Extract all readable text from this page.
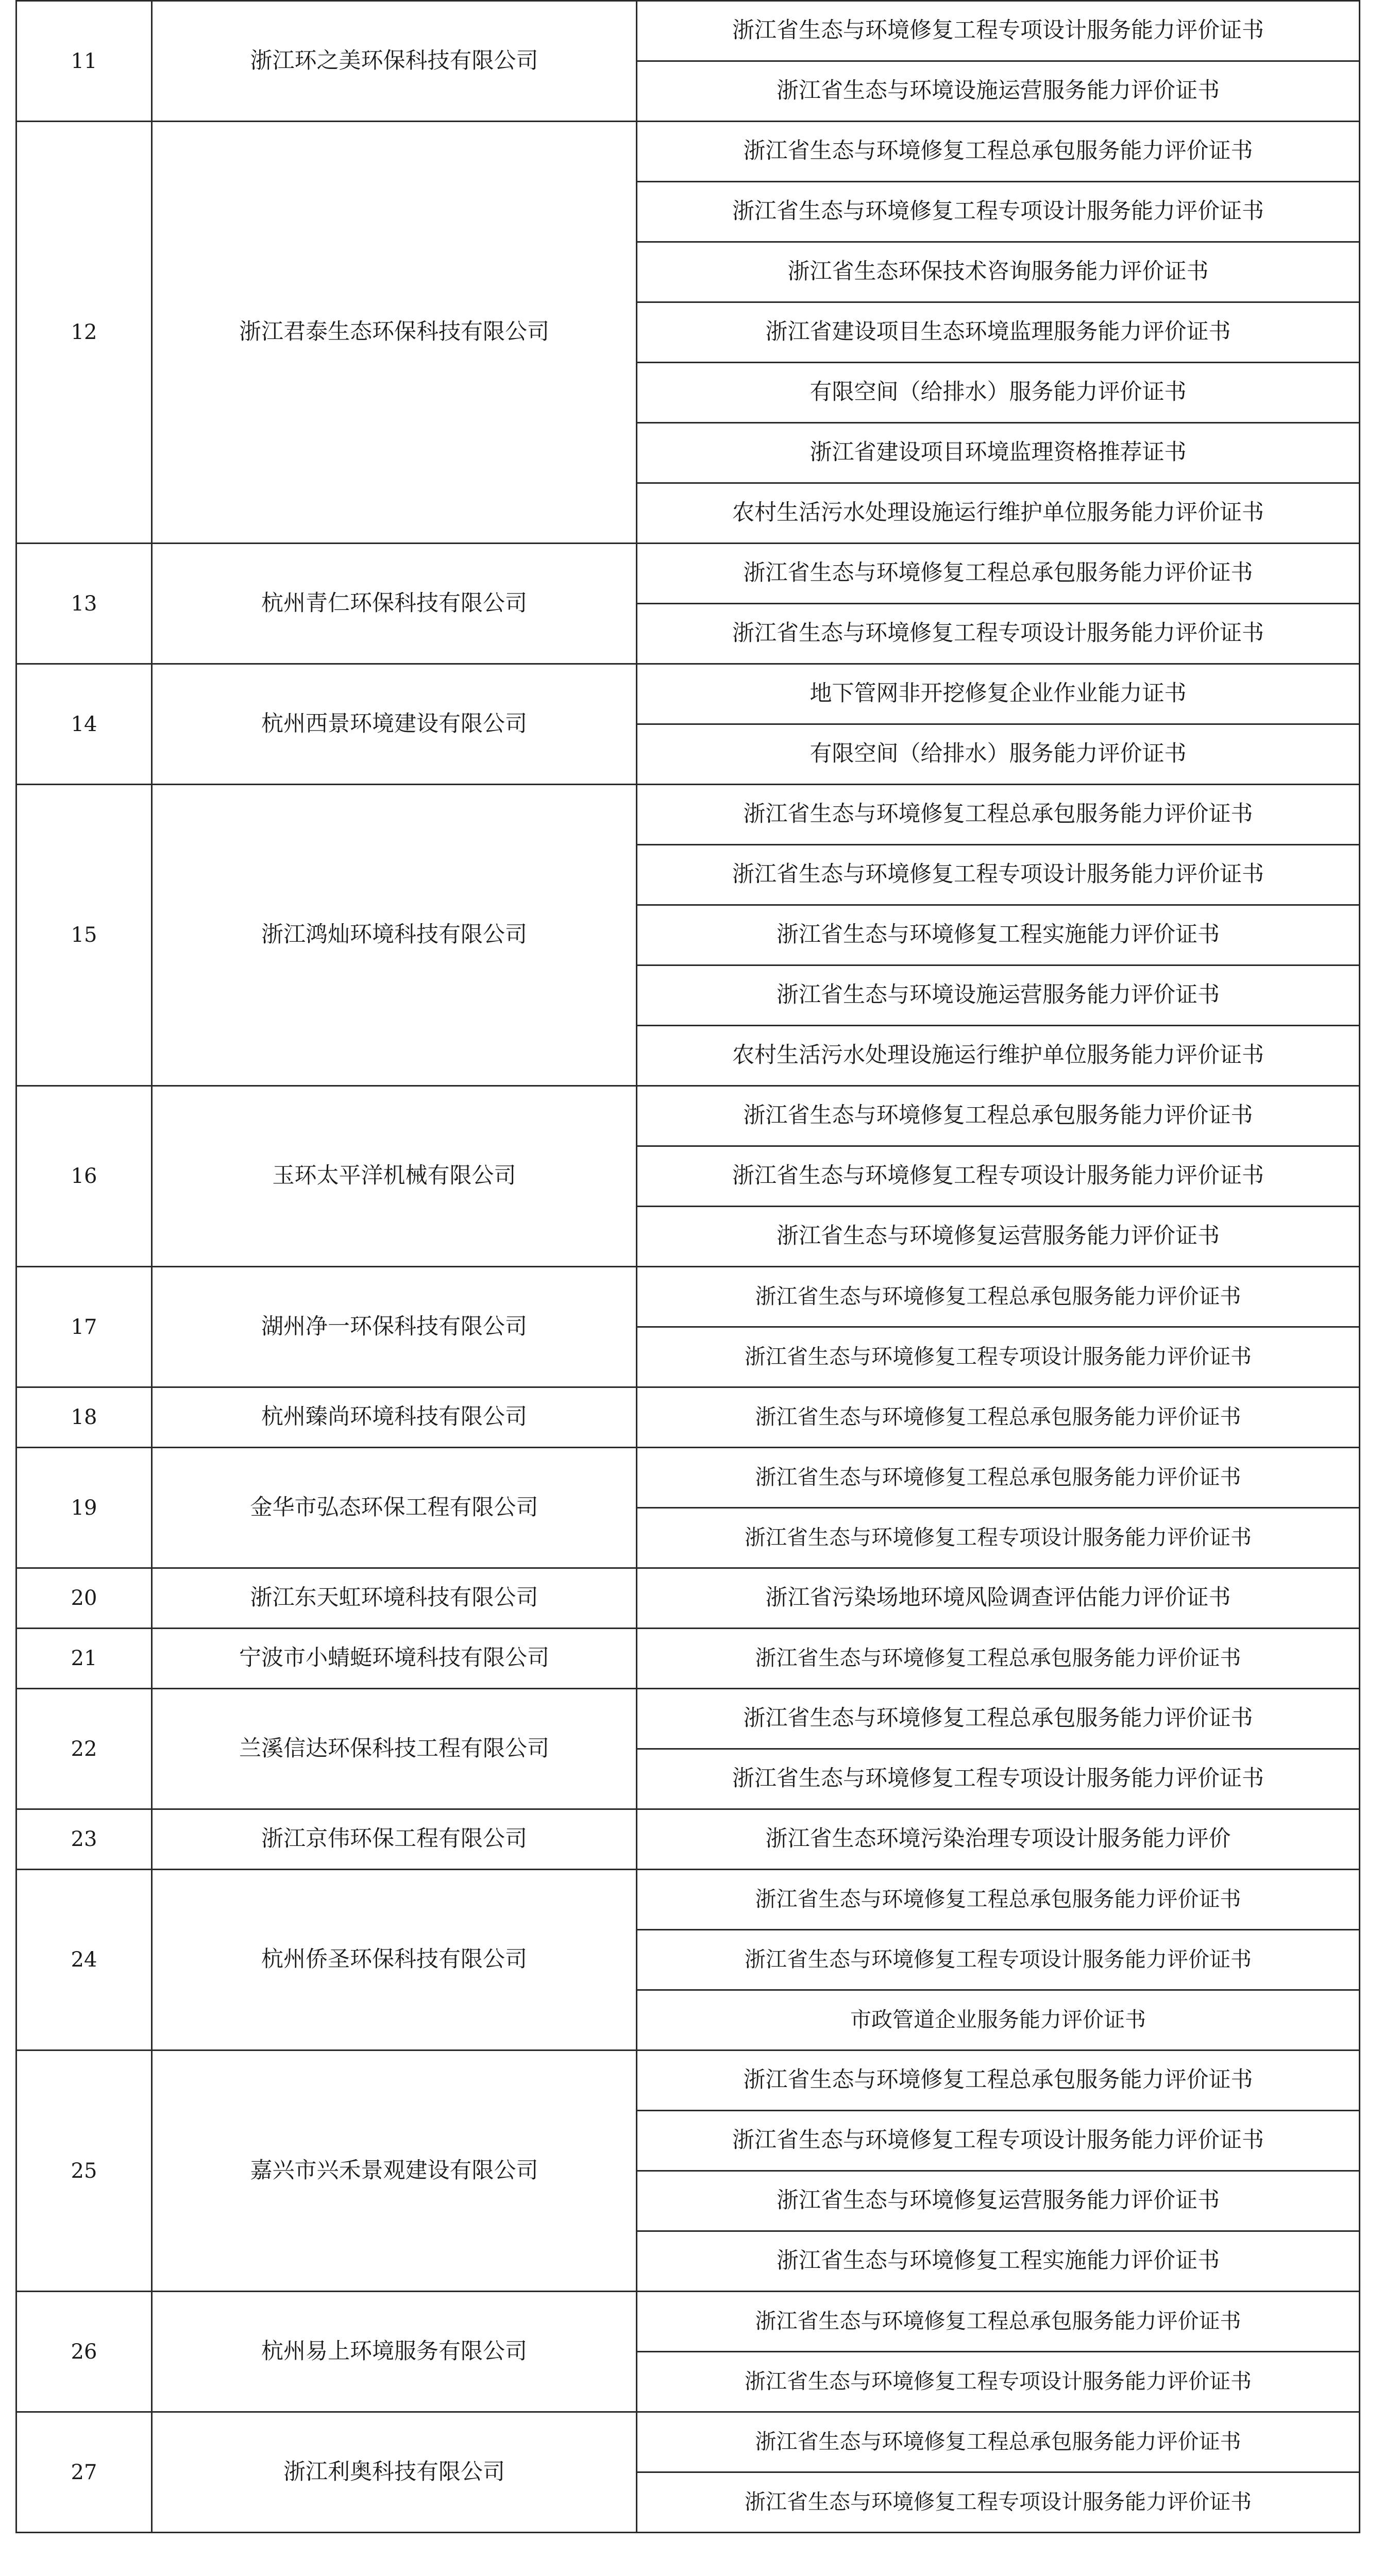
11	浙江环之美环保科技有限公司	浙江省生态与环境修复工程专项设计服务能力评价证书
		浙江省生态与环境设施运营服务能力评价证书
12	浙江君泰生态环保科技有限公司	浙江省生态与环境修复工程总承包服务能力评价证书
		浙江省生态与环境修复工程专项设计服务能力评价证书
		浙江省生态环保技术咨询服务能力评价证书
		浙江省建设项目生态环境监理服务能力评价证书
		有限空间（给排水）服务能力评价证书
		浙江省建设项目环境监理资格推荐证书
		农村生活污水处理设施运行维护单位服务能力评价证书
13	杭州青仁环保科技有限公司	浙江省生态与环境修复工程总承包服务能力评价证书
		浙江省生态与环境修复工程专项设计服务能力评价证书
14	杭州西景环境建设有限公司	地下管网非开挖修复企业作业能力证书
		有限空间（给排水）服务能力评价证书
15	浙江鸿灿环境科技有限公司	浙江省生态与环境修复工程总承包服务能力评价证书
		浙江省生态与环境修复工程专项设计服务能力评价证书
		浙江省生态与环境修复工程实施能力评价证书
		浙江省生态与环境设施运营服务能力评价证书
		农村生活污水处理设施运行维护单位服务能力评价证书
16	玉环太平洋机械有限公司	浙江省生态与环境修复工程总承包服务能力评价证书
		浙江省生态与环境修复工程专项设计服务能力评价证书
		浙江省生态与环境修复运营服务能力评价证书
17	湖州净一环保科技有限公司	浙江省生态与环境修复工程总承包服务能力评价证书
		浙江省生态与环境修复工程专项设计服务能力评价证书
18	杭州臻尚环境科技有限公司	浙江省生态与环境修复工程总承包服务能力评价证书
19	金华市弘态环保工程有限公司	浙江省生态与环境修复工程总承包服务能力评价证书
		浙江省生态与环境修复工程专项设计服务能力评价证书
20	浙江东天虹环境科技有限公司	浙江省污染场地环境风险调查评估能力评价证书
21	宁波市小蜻蜓环境科技有限公司	浙江省生态与环境修复工程总承包服务能力评价证书
22	兰溪信达环保科技工程有限公司	浙江省生态与环境修复工程总承包服务能力评价证书
		浙江省生态与环境修复工程专项设计服务能力评价证书
23	浙江京伟环保工程有限公司	浙江省生态环境污染治理专项设计服务能力评价
24	杭州侨圣环保科技有限公司	浙江省生态与环境修复工程总承包服务能力评价证书
		浙江省生态与环境修复工程专项设计服务能力评价证书
		市政管道企业服务能力评价证书
25	嘉兴市兴禾景观建设有限公司	浙江省生态与环境修复工程总承包服务能力评价证书
		浙江省生态与环境修复工程专项设计服务能力评价证书
		浙江省生态与环境修复运营服务能力评价证书
		浙江省生态与环境修复工程实施能力评价证书
26	杭州易上环境服务有限公司	浙江省生态与环境修复工程总承包服务能力评价证书
		浙江省生态与环境修复工程专项设计服务能力评价证书
27	浙江利奥科技有限公司	浙江省生态与环境修复工程总承包服务能力评价证书
		浙江省生态与环境修复工程专项设计服务能力评价证书
